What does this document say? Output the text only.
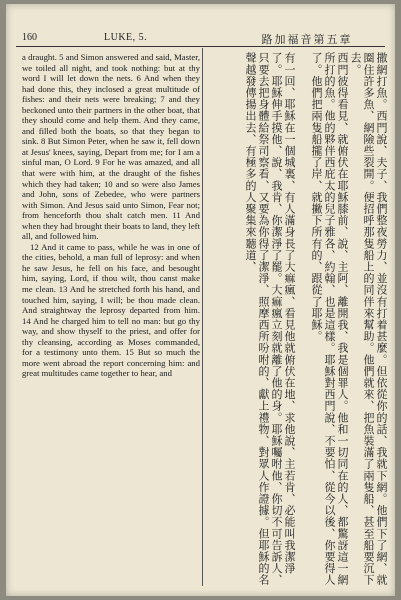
160	LUKE, 5.	路加福音第五章

a draught. 5 and Simon answered and said, Master, we toiled all night, and took nothing: but at thy word I will let down the nets. 6 And when they had done this, they inclosed a great multitude of fishes: and their nets were breaking; 7 and they beckoned unto their partners in the other boat, that they should come and help them. And they came, and filled both the boats, so that they began to sink. 8 But Simon Peter, when he saw it, fell down at Jesus' knees, saying, Depart from me; for I am a sinful man, O Lord. 9 For he was amazed, and all that were with him, at the draught of the fishes which they had taken; 10 and so were also James and John, sons of Zebedee, who were partners with Simon. And Jesus said unto Simon, Fear not; from henceforth thou shalt catch men. 11 And when they had brought their boats to land, they left all, and followed him.

12 And it came to pass, while he was in one of the cities, behold, a man full of leprosy: and when he saw Jesus, he fell on his face, and besought him, saying, Lord, if thou wilt, thou canst make me clean. 13 And he stretched forth his hand, and touched him, saying, I will; be thou made clean. And straightway the leprosy departed from him. 14 And he charged him to tell no man: but go thy way, and show thyself to the priest, and offer for thy cleansing, according as Moses commanded, for a testimony unto them. 15 But so much the more went abroad the report concerning him: and great multitudes came together to hear, and	撒網打魚。西門說、夫子、我們整夜勞力、並沒有打着甚麼。但依從你的話、我就下網。他們下了網、就圈住許多魚、網險些裂開。便招呼那隻船上的同伴來幫助。他們就來、把魚裝滿了兩隻船、甚至船要沉下去。

西門彼得看見、就俯伏在耶穌膝前、說、主阿、離開我、我是個罪人。他和一切同在的人、都驚訝這一網所打的魚。他的夥伴西庇太的兒子雅各、約翰、也是這樣。耶穌對西門說、不要怕、從今以後、你要得人了。他們把兩隻船攏了岸、就撇下所有的、跟從了耶穌。

有一回、耶穌在一個城裏、有人滿身長了大痲瘋、看見他就俯伏在地、求他說、主若肯、必能叫我潔淨了。耶穌伸手摸他、說、我肯、你潔淨了罷。大痲瘋立刻就離了他的身。耶穌囑咐他、你切不可告訴人、只要去把身體給祭司察看、又要為你得了潔淨、照摩西所吩咐的、獻上禮物、對眾人作證據。但耶穌的名聲越發傳揚出去、有極多的人聚集來聽道、
